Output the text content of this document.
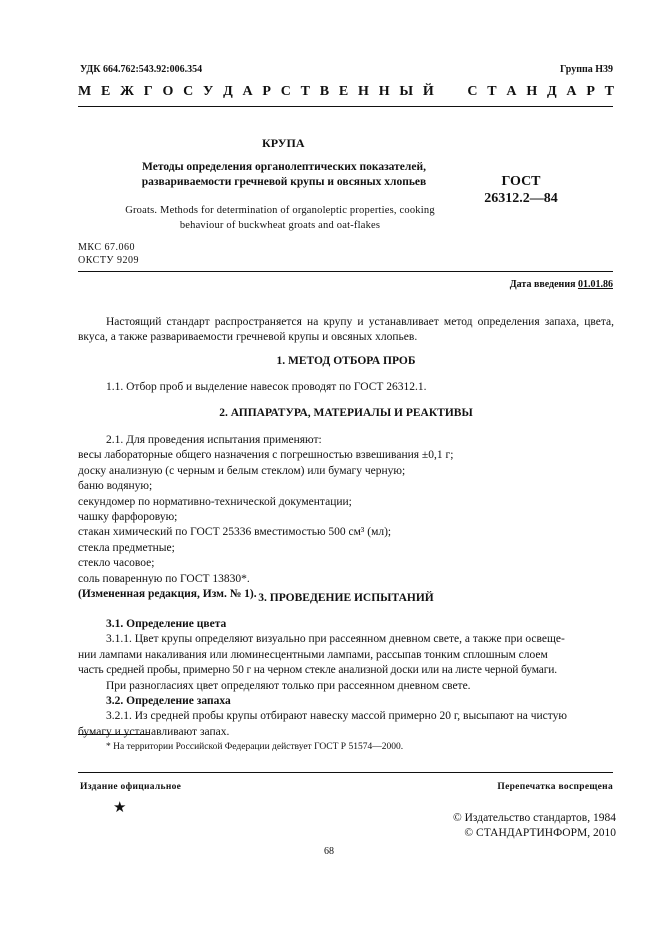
УДК 664.762:543.92:006.354	Группа Н39
М Е Ж Г О С У Д А Р С Т В Е Н Н Ы Й С Т А Н Д А Р Т
КРУПА
Методы определения органолептических показателей, развариваемости гречневой крупы и овсяных хлопьев
Groats. Methods for determination of organoleptic properties, cooking behaviour of buckwheat groats and oat-flakes
ГОСТ
26312.2—84
МКС 67.060
ОКСТУ 9209
Дата введения 01.01.86

Настоящий стандарт распространяется на крупу и устанавливает метод определения запаха, цвета, вкуса, а также развариваемости гречневой крупы и овсяных хлопьев.

1. МЕТОД ОТБОРА ПРОБ

1.1. Отбор проб и выделение навесок проводят по ГОСТ 26312.1.

2. АППАРАТУРА, МАТЕРИАЛЫ И РЕАКТИВЫ

2.1. Для проведения испытания применяют:

весы лабораторные общего назначения с погрешностью взвешивания ±0,1 г;

доску анализную (с черным и белым стеклом) или бумагу черную;

баню водяную;

секундомер по нормативно-технической документации;

чашку фарфоровую;

стакан химический по ГОСТ 25336 вместимостью 500 см³ (мл);

стекла предметные;

стекло часовое;

соль поваренную по ГОСТ 13830*.

(Измененная редакция, Изм. № 1). 3. ПРОВЕДЕНИЕ ИСПЫТАНИЙ

3.1. Определение цвета

3.1.1. Цвет крупы определяют визуально при рассеянном дневном свете, а также при освеще-

нии лампами накаливания или люминесцентными лампами, рассыпав тонким сплошным слоем

часть средней пробы, примерно 50 г на черном стекле анализной доски или на листе черной бумаги.

При разногласиях цвет определяют только при рассеянном дневном свете.

3.2. Определение запаха

3.2.1. Из средней пробы крупы отбирают навеску массой примерно 20 г, высыпают на чистую

бумагу и устанавливают запах.

* На территории Российской Федерации действует ГОСТ Р 51574—2000.
Издание официальное	Перепечатка воспрещена
★
© Издательство стандартов, 1984
© СТАНДАРТИНФОРМ, 2010
68
